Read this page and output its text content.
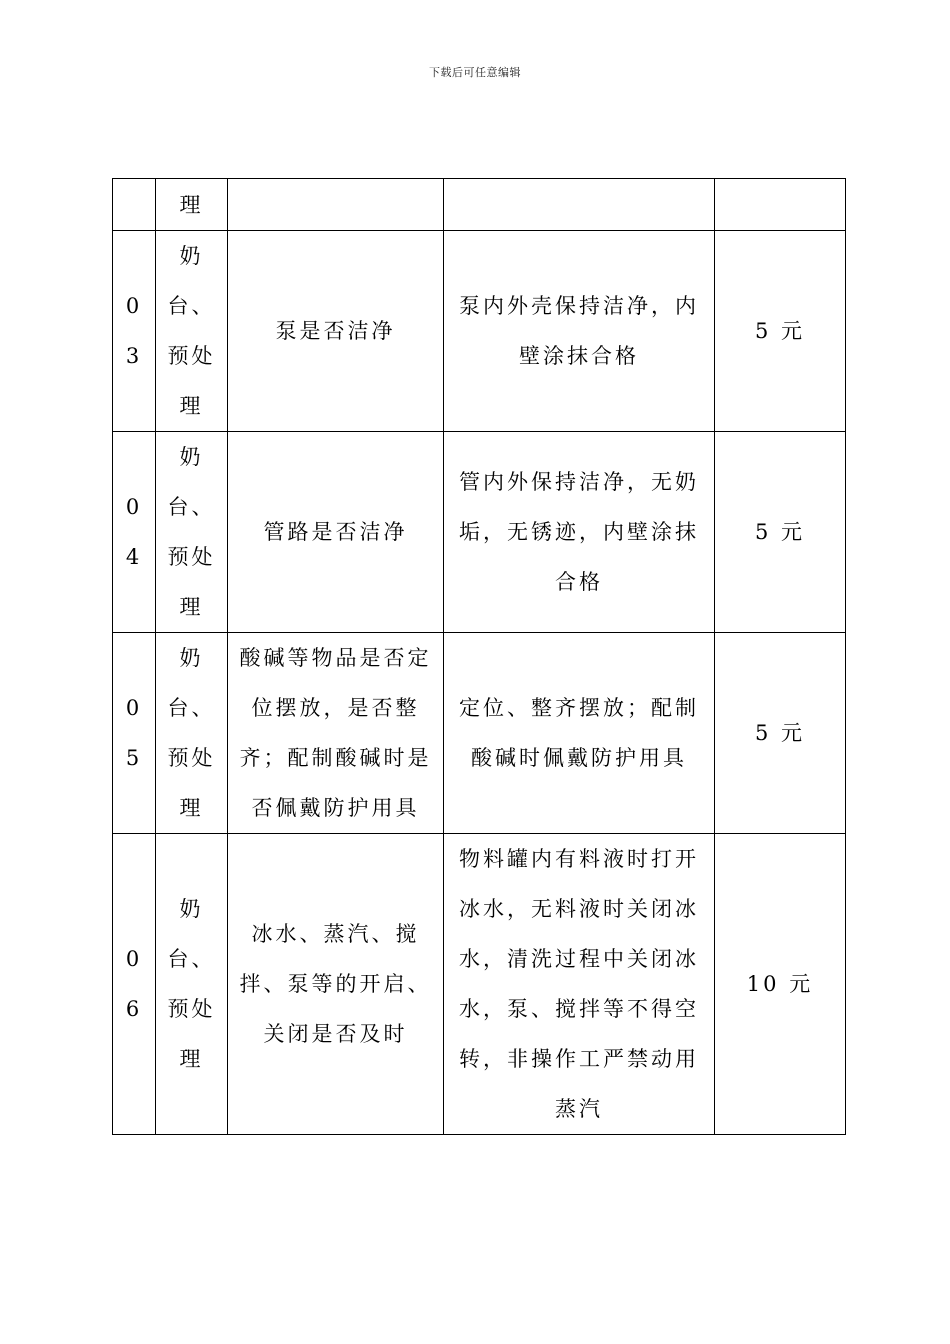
下载后可任意编辑

	理			

03	奶
台、
预处
理	泵是否洁净	泵内外壳保持洁净，内壁涂抹合格	5 元
04	奶
台、
预处
理	管路是否洁净	管内外保持洁净，无奶垢，无锈迹，内壁涂抹合格	5 元
05	奶
台、
预处
理	酸碱等物品是否定位摆放，是否整齐；配制酸碱时是否佩戴防护用具	定位、整齐摆放；配制酸碱时佩戴防护用具	5 元
06	奶
台、
预处
理	冰水、蒸汽、搅拌、泵等的开启、关闭是否及时	物料罐内有料液时打开冰水，无料液时关闭冰水，清洗过程中关闭冰水，泵、搅拌等不得空转，非操作工严禁动用蒸汽	10 元
